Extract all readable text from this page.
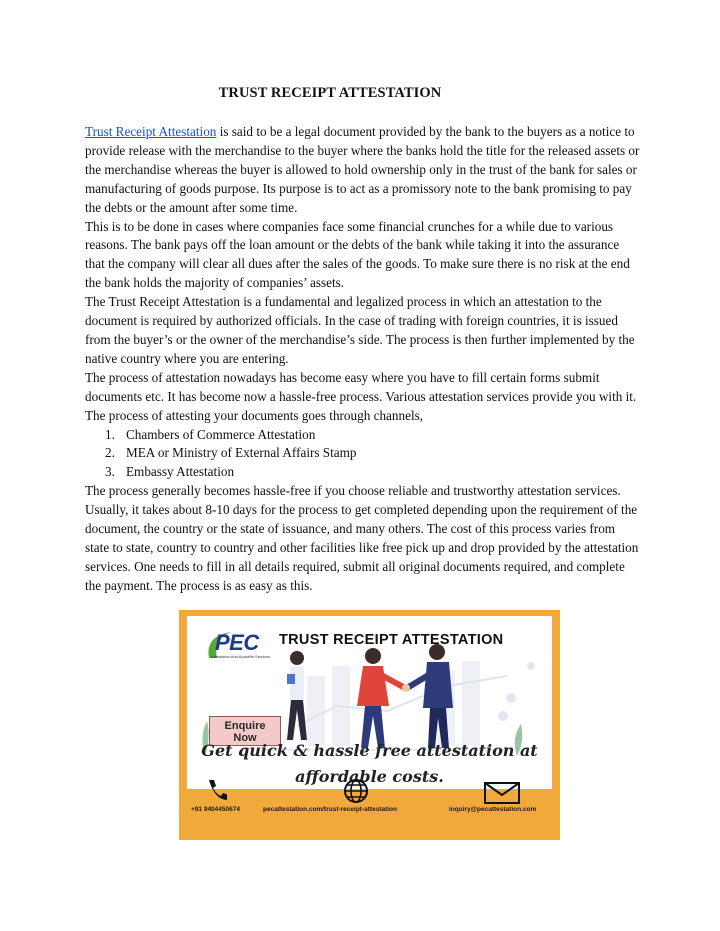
TRUST RECEIPT ATTESTATION

Trust Receipt Attestation is said to be a legal document provided by the bank to the buyers as a notice to provide release with the merchandise to the buyer where the banks hold the title for the released assets or the merchandise whereas the buyer is allowed to hold ownership only in the trust of the bank for sales or manufacturing of goods purpose. Its purpose is to act as a promissory note to the bank promising to pay the debts or the amount after some time.

This is to be done in cases where companies face some financial crunches for a while due to various reasons. The bank pays off the loan amount or the debts of the bank while taking it into the assurance that the company will clear all dues after the sales of the goods. To make sure there is no risk at the end the bank holds the majority of companies’ assets.

The Trust Receipt Attestation is a fundamental and legalized process in which an attestation to the document is required by authorized officials. In the case of trading with foreign countries, it is issued from the buyer’s or the owner of the merchandise’s side. The process is then further implemented by the native country where you are entering.

The process of attestation nowadays has become easy where you have to fill certain forms submit documents etc. It has become now a hassle-free process. Various attestation services provide you with it. The process of attesting your documents goes through channels,

1. Chambers of Commerce Attestation
2. MEA or Ministry of External Affairs Stamp
3. Embassy Attestation

The process generally becomes hassle-free if you choose reliable and trustworthy attestation services. Usually, it takes about 8-10 days for the process to get completed depending upon the requirement of the document, the country or the state of issuance, and many others. The cost of this process varies from state to state, country to country and other facilities like free pick up and drop provided by the attestation services. One needs to fill in all details required, submit all original documents required, and complete the payment. The process is as easy as this.

PEC
Attestation And Apostille Services
TRUST RECEIPT ATTESTATION
Enquire
Now
Get quick & hassle free attestation at
affordable costs.
+91 9404450674	pecattestation.com/trust-receipt-attestation	inquiry@pecattestation.com
